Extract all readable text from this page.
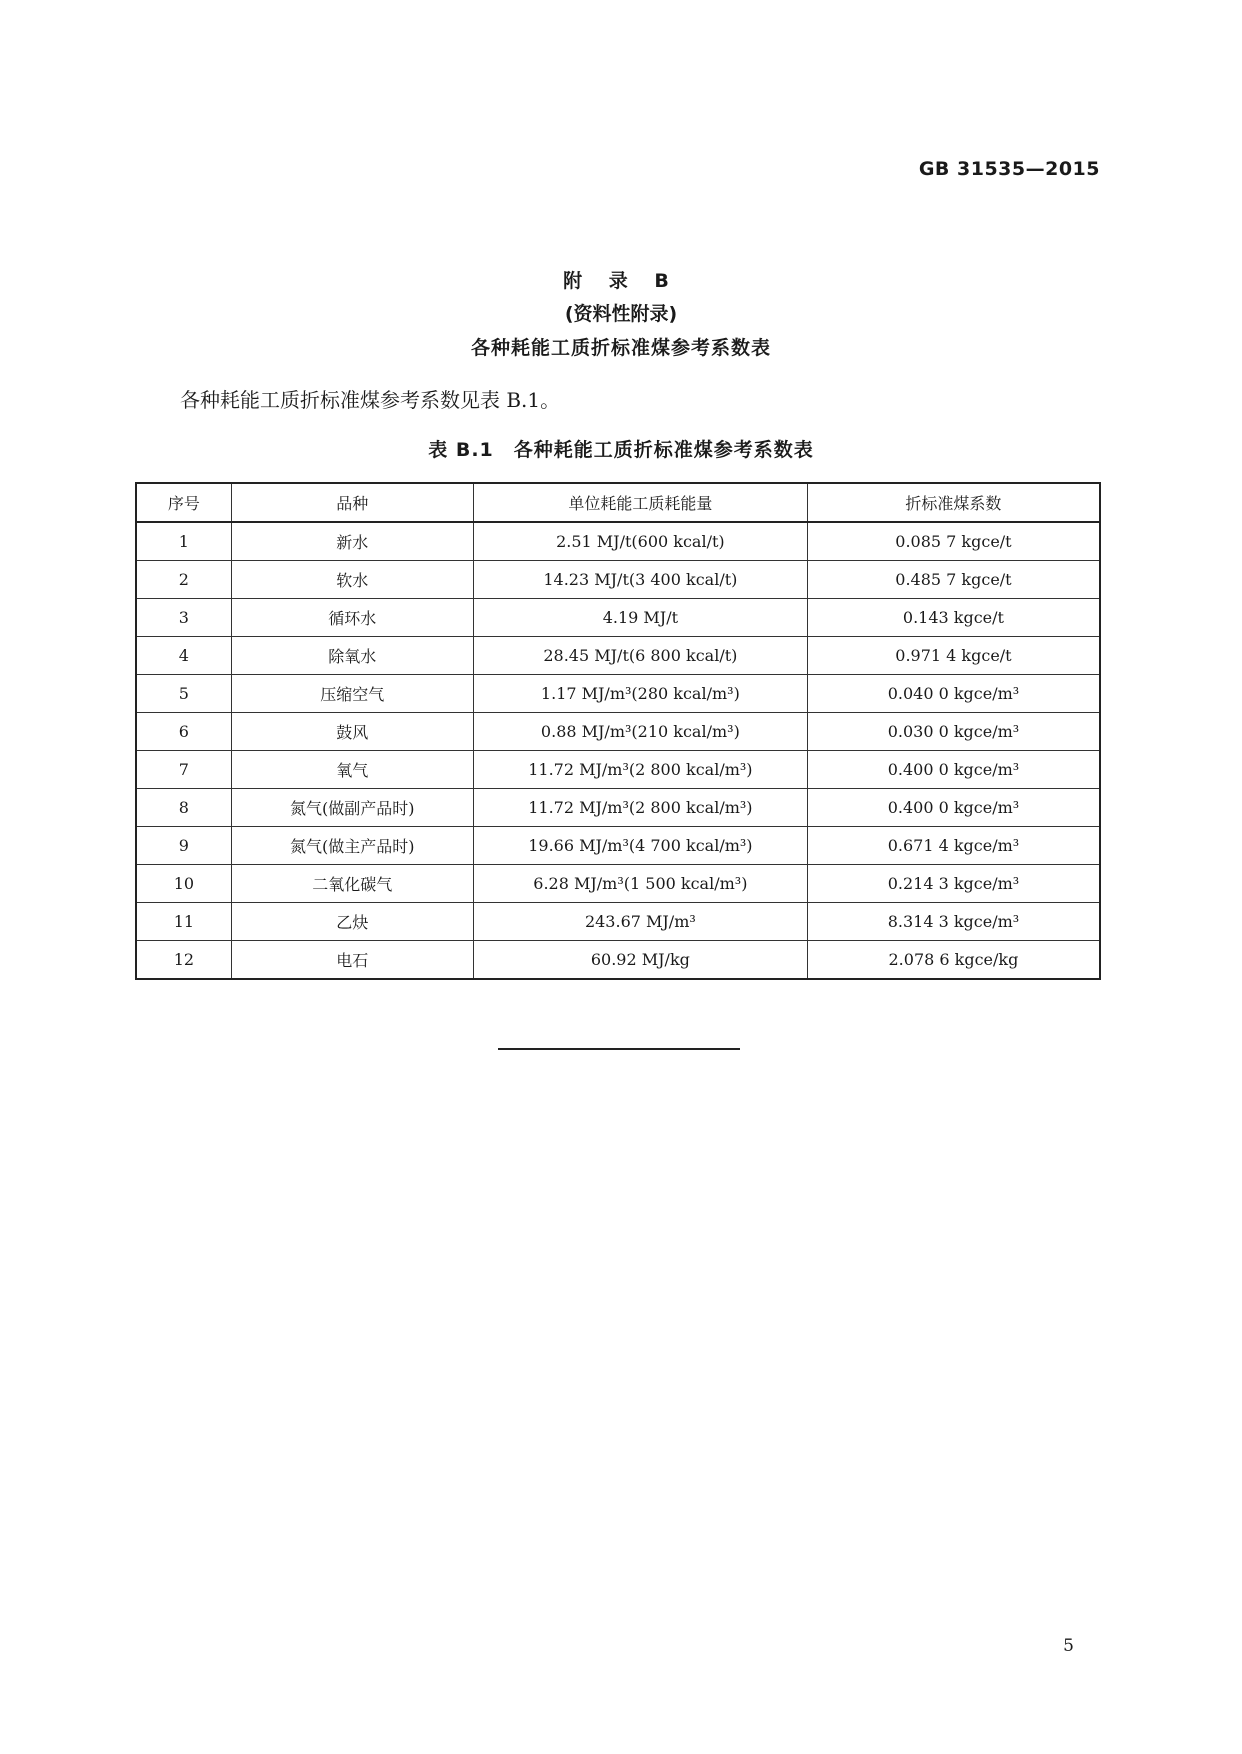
GB 31535—2015
附 录 B
(资料性附录)
各种耗能工质折标准煤参考系数表
各种耗能工质折标准煤参考系数见表 B.1。
表 B.1　各种耗能工质折标准煤参考系数表
序号	品种	单位耗能工质耗能量	折标准煤系数
1	新水	2.51 MJ/t(600 kcal/t)	0.085 7 kgce/t
2	软水	14.23 MJ/t(3 400 kcal/t)	0.485 7 kgce/t
3	循环水	4.19 MJ/t	0.143 kgce/t
4	除氧水	28.45 MJ/t(6 800 kcal/t)	0.971 4 kgce/t
5	压缩空气	1.17 MJ/m³(280 kcal/m³)	0.040 0 kgce/m³
6	鼓风	0.88 MJ/m³(210 kcal/m³)	0.030 0 kgce/m³
7	氧气	11.72 MJ/m³(2 800 kcal/m³)	0.400 0 kgce/m³
8	氮气(做副产品时)	11.72 MJ/m³(2 800 kcal/m³)	0.400 0 kgce/m³
9	氮气(做主产品时)	19.66 MJ/m³(4 700 kcal/m³)	0.671 4 kgce/m³
10	二氧化碳气	6.28 MJ/m³(1 500 kcal/m³)	0.214 3 kgce/m³
11	乙炔	243.67 MJ/m³	8.314 3 kgce/m³
12	电石	60.92 MJ/kg	2.078 6 kgce/kg
5
